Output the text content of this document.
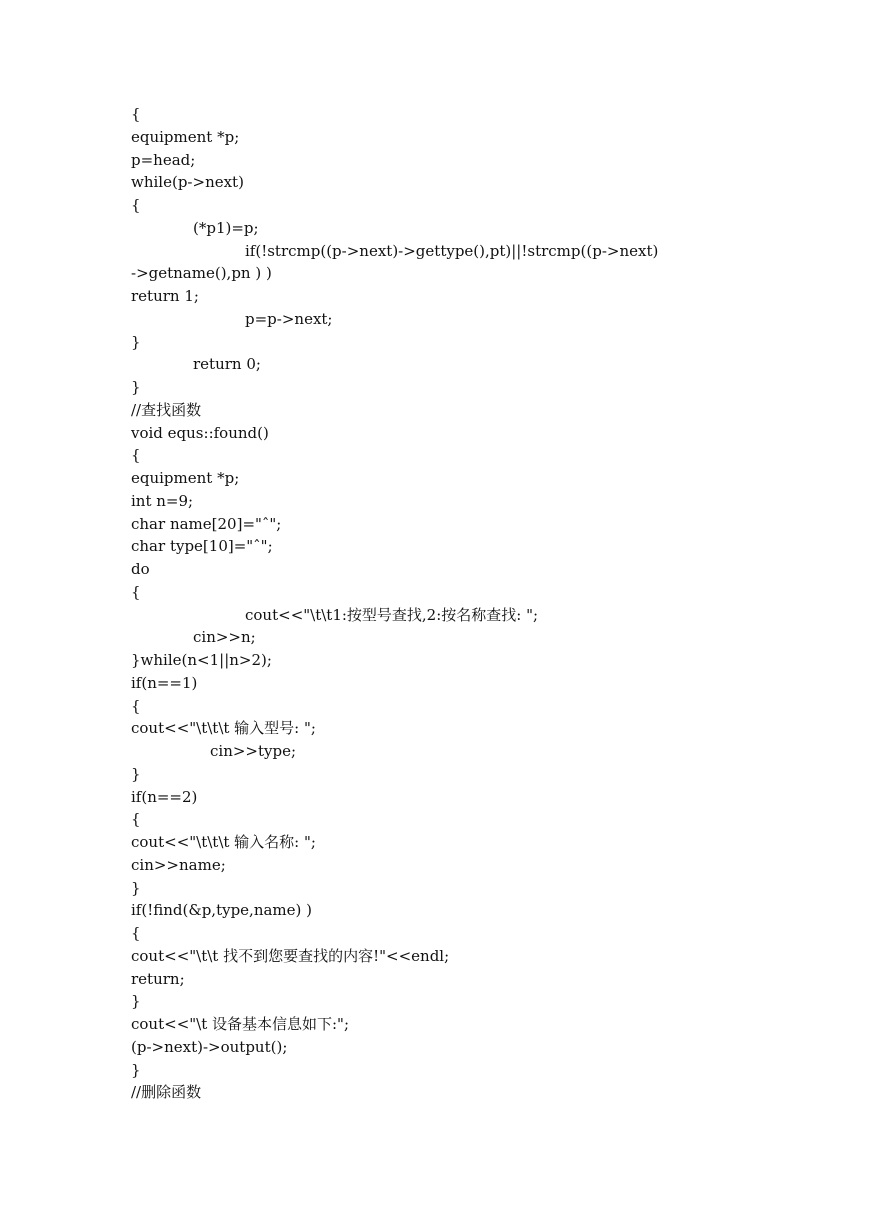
{
equipment *p;
p=head;
while(p->next)
{
(*p1)=p;
if(!strcmp((p->next)->gettype(),pt)||!strcmp((p->next)
->getname(),pn ) )
return 1;
p=p->next;
}
return 0;
}
//查找函数
void equs::found()
{
equipment *p;
int n=9;
char name[20]="ˆ";
char type[10]="ˆ";
do
{
cout<<"\t\t1:按型号查找,2:按名称查找: ";
cin>>n;
}while(n<1||n>2);
if(n==1)
{
cout<<"\t\t\t 输入型号: ";
cin>>type;
}
if(n==2)
{
cout<<"\t\t\t 输入名称: ";
cin>>name;
}
if(!find(&p,type,name) )
{
cout<<"\t\t 找不到您要查找的内容!"<<endl;
return;
}
cout<<"\t 设备基本信息如下:";
(p->next)->output();
}
//删除函数
